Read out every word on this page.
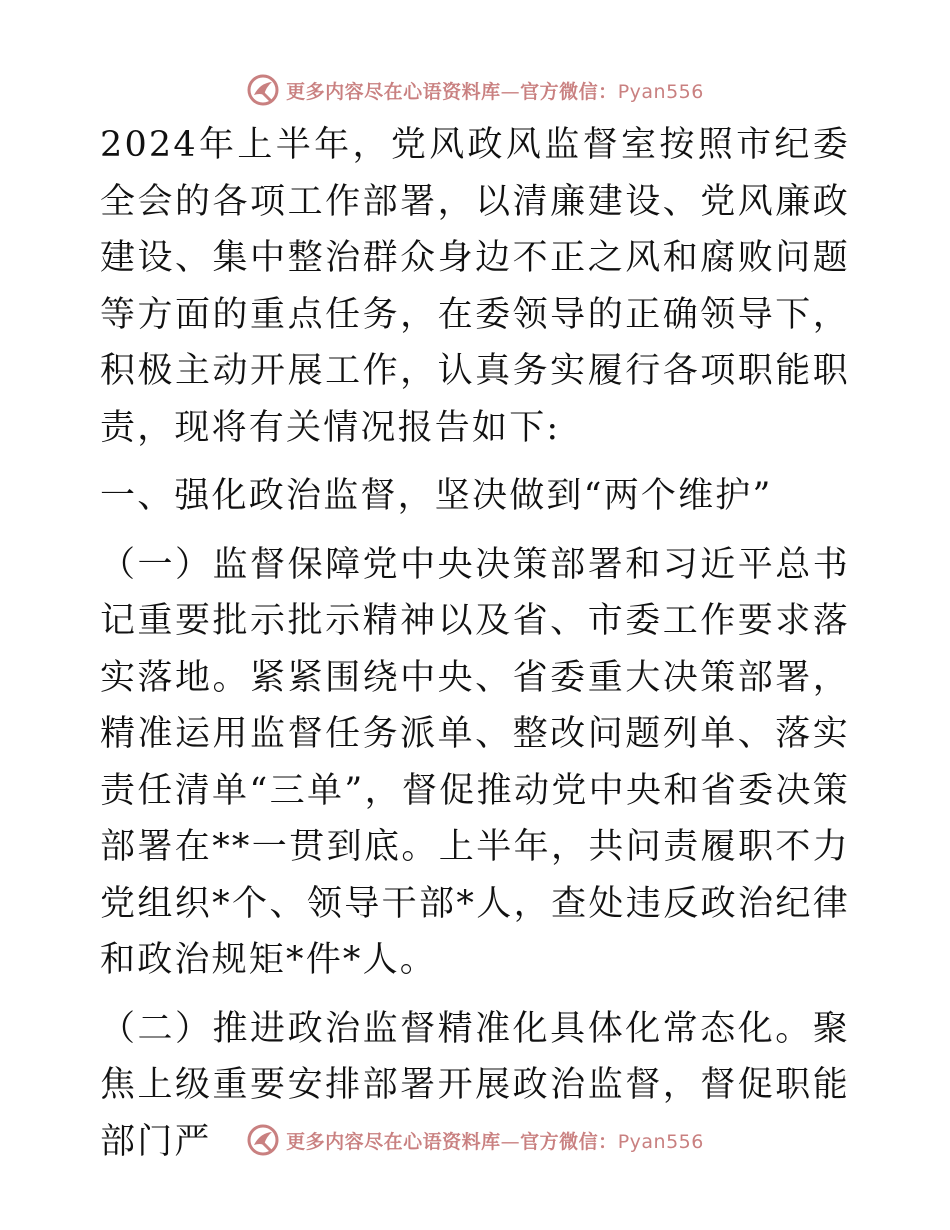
更多内容尽在心语资料库—官方微信：Pyan556

2024年上半年，党风政风监督室按照市纪委全会的各项工作部署，以清廉建设、党风廉政建设、集中整治群众身边不正之风和腐败问题等方面的重点任务，在委领导的正确领导下，积极主动开展工作，认真务实履行各项职能职责，现将有关情况报告如下:

一、强化政治监督，坚决做到“两个维护”

（一）监督保障党中央决策部署和习近平总书记重要批示批示精神以及省、市委工作要求落实落地。紧紧围绕中央、省委重大决策部署，精准运用监督任务派单、整改问题列单、落实责任清单“三单”，督促推动党中央和省委决策部署在**一贯到底。上半年，共问责履职不力党组织*个、领导干部*人，查处违反政治纪律和政治规矩*件*人。

（二）推进政治监督精准化具体化常态化。聚焦上级重要安排部署开展政治监督，督促职能部门严	更多内容尽在心语资料库—官方微信：Pyan556
